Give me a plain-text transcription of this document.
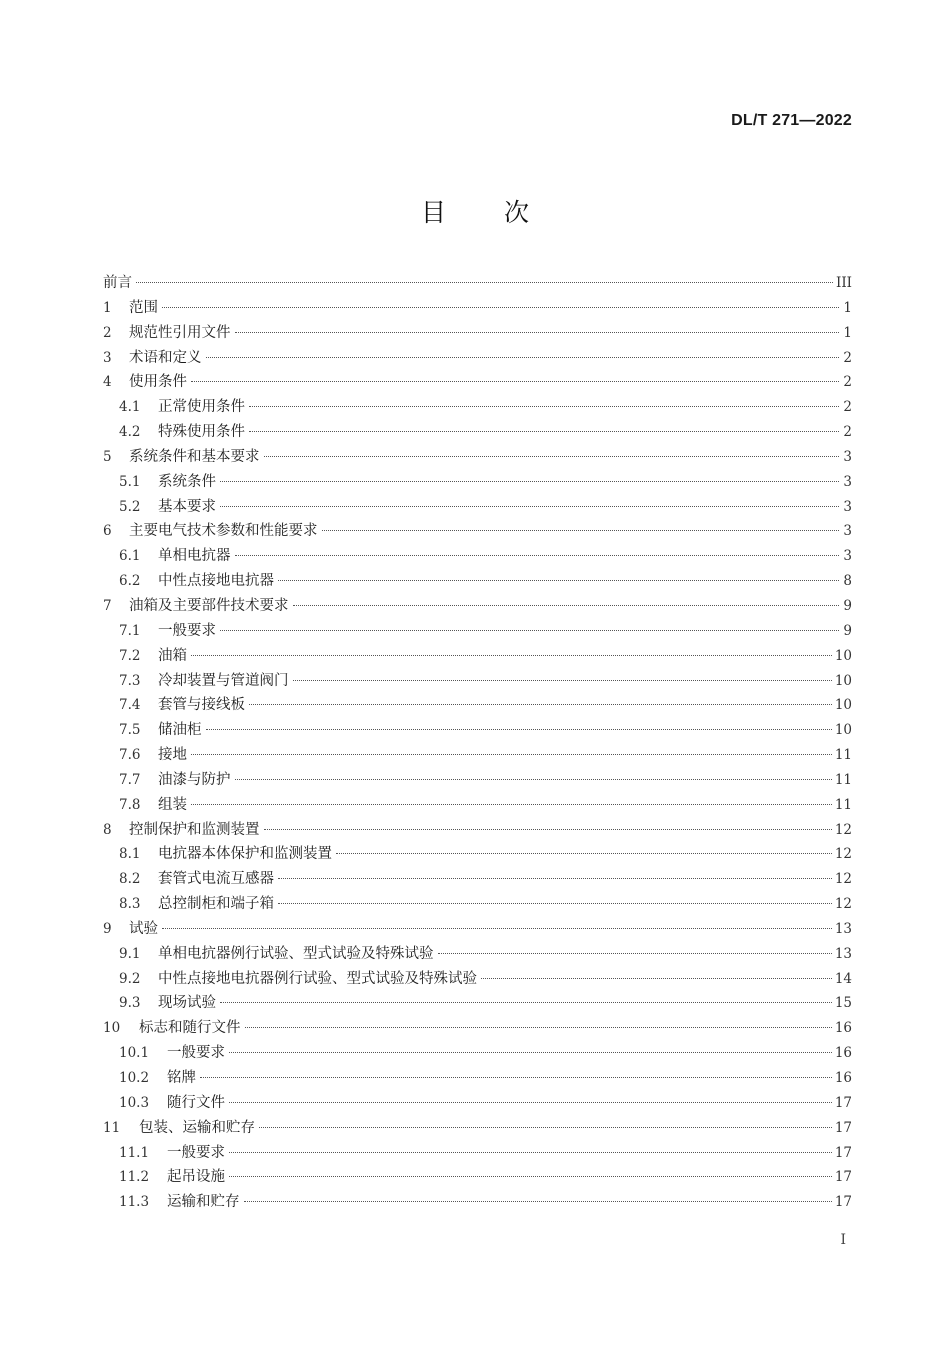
DL/T 271—2022
目 次
前言	III
1	范围	1
2	规范性引用文件	1
3	术语和定义	2
4	使用条件	2
4.1	正常使用条件	2
4.2	特殊使用条件	2
5	系统条件和基本要求	3
5.1	系统条件	3
5.2	基本要求	3
6	主要电气技术参数和性能要求	3
6.1	单相电抗器	3
6.2	中性点接地电抗器	8
7	油箱及主要部件技术要求	9
7.1	一般要求	9
7.2	油箱	10
7.3	冷却装置与管道阀门	10
7.4	套管与接线板	10
7.5	储油柜	10
7.6	接地	11
7.7	油漆与防护	11
7.8	组装	11
8	控制保护和监测装置	12
8.1	电抗器本体保护和监测装置	12
8.2	套管式电流互感器	12
8.3	总控制柜和端子箱	12
9	试验	13
9.1	单相电抗器例行试验、型式试验及特殊试验	13
9.2	中性点接地电抗器例行试验、型式试验及特殊试验	14
9.3	现场试验	15
10	标志和随行文件	16
10.1	一般要求	16
10.2	铭牌	16
10.3	随行文件	17
11	包装、运输和贮存	17
11.1	一般要求	17
11.2	起吊设施	17
11.3	运输和贮存	17
I
